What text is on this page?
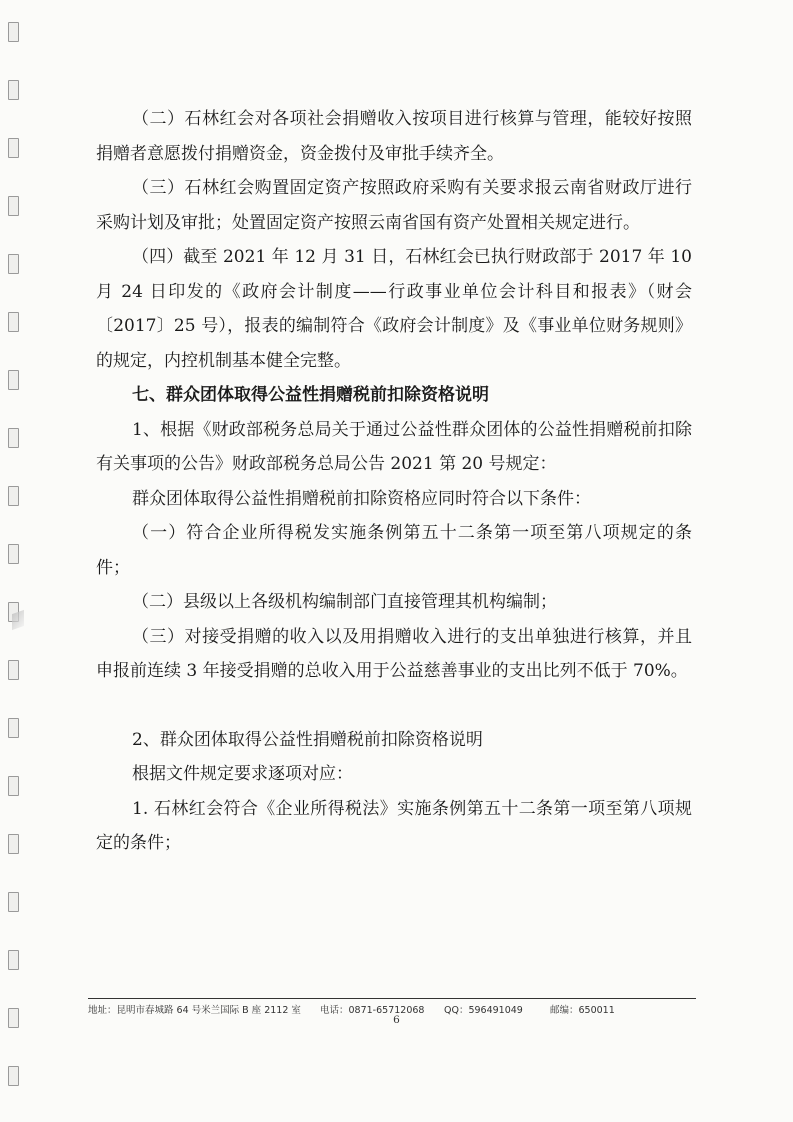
（二）石林红会对各项社会捐赠收入按项目进行核算与管理，能较好按照捐赠者意愿拨付捐赠资金，资金拨付及审批手续齐全。

（三）石林红会购置固定资产按照政府采购有关要求报云南省财政厅进行采购计划及审批；处置固定资产按照云南省国有资产处置相关规定进行。

（四）截至 2021 年 12 月 31 日，石林红会已执行财政部于 2017 年 10 月 24 日印发的《政府会计制度——行政事业单位会计科目和报表》（财会〔2017〕25 号），报表的编制符合《政府会计制度》及《事业单位财务规则》的规定，内控机制基本健全完整。

七、群众团体取得公益性捐赠税前扣除资格说明

1、根据《财政部税务总局关于通过公益性群众团体的公益性捐赠税前扣除有关事项的公告》财政部税务总局公告 2021 第 20 号规定：

群众团体取得公益性捐赠税前扣除资格应同时符合以下条件：

（一）符合企业所得税发实施条例第五十二条第一项至第八项规定的条件；

（二）县级以上各级机构编制部门直接管理其机构编制；

（三）对接受捐赠的收入以及用捐赠收入进行的支出单独进行核算，并且申报前连续 3 年接受捐赠的总收入用于公益慈善事业的支出比列不低于 70%。

2、群众团体取得公益性捐赠税前扣除资格说明

根据文件规定要求逐项对应：

1. 石林红会符合《企业所得税法》实施条例第五十二条第一项至第八项规定的条件；

地址：昆明市春城路 64 号米兰国际 B 座 2112 室 电话：0871-65712068 QQ：596491049	邮编：650011
6
